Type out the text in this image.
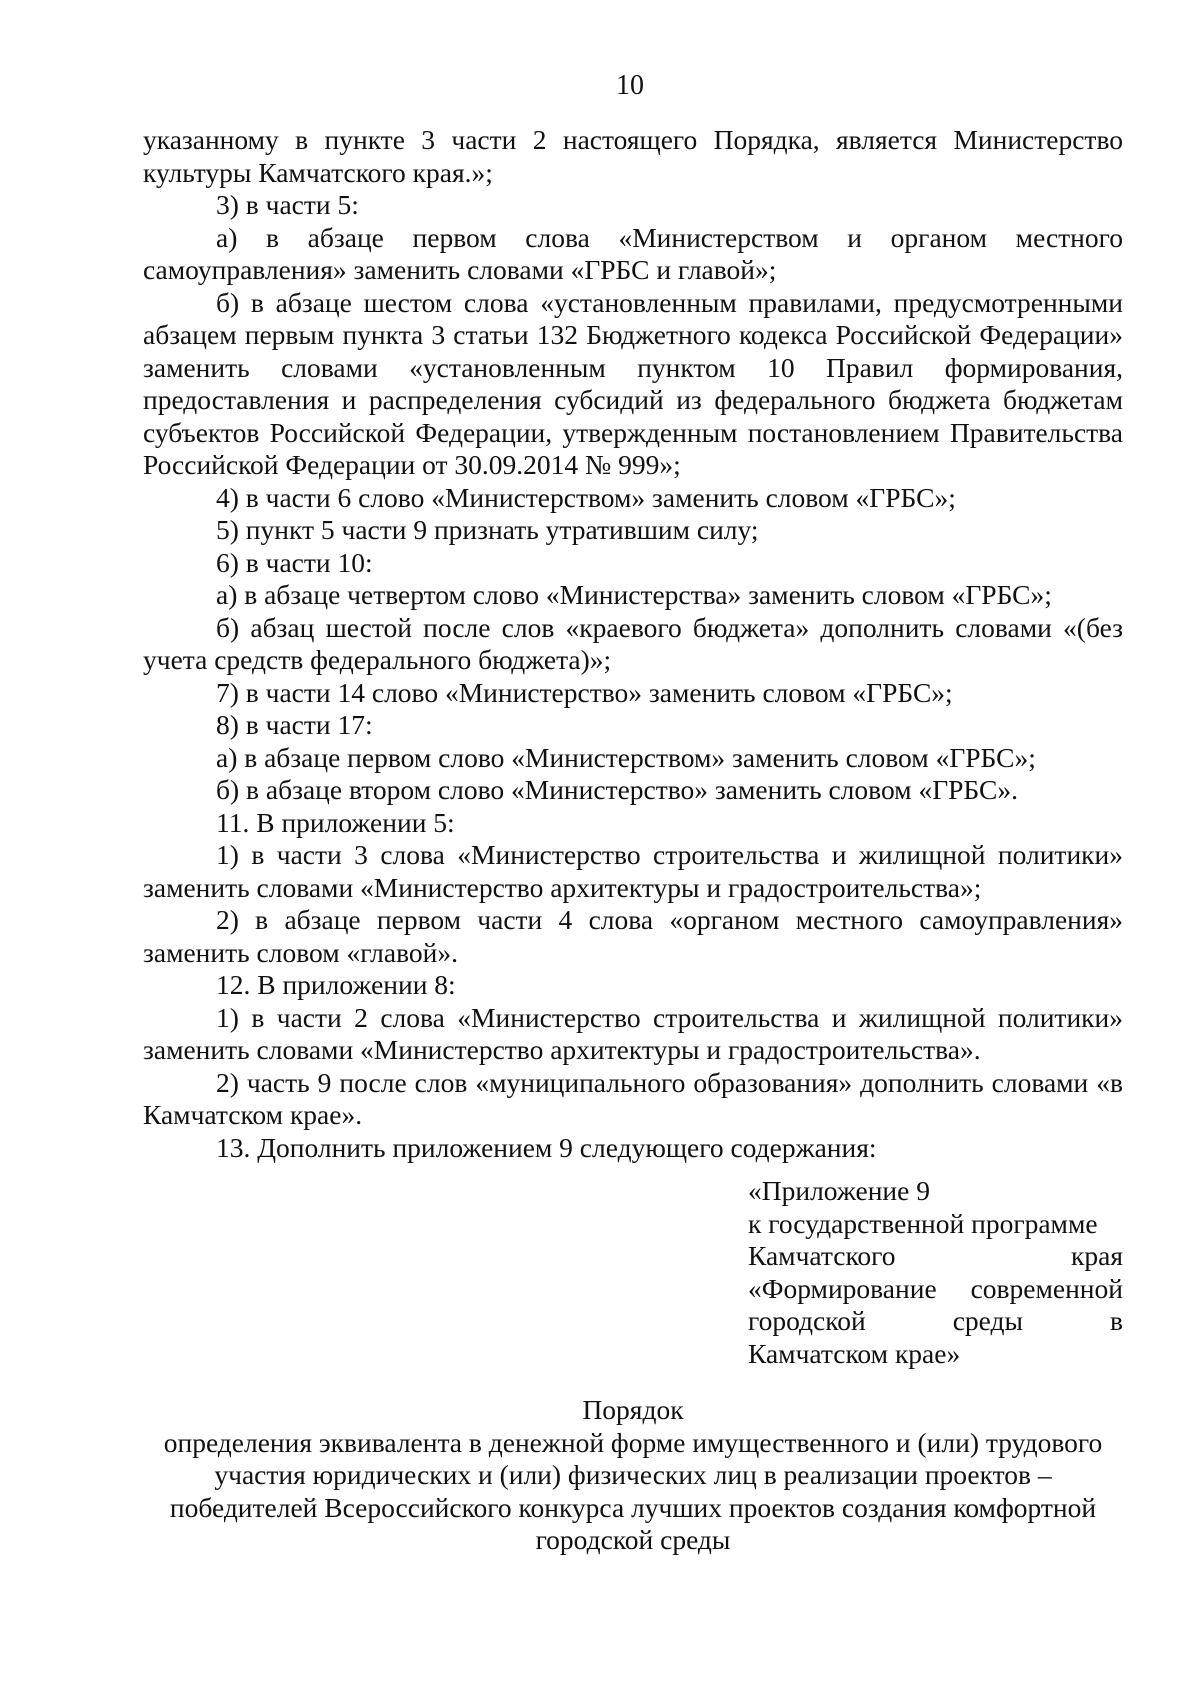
10

указанному в пункте 3 части 2 настоящего Порядка, является Министерство культуры Камчатского края.»;

3) в части 5:

а) в абзаце первом слова «Министерством и органом местного самоуправления» заменить словами «ГРБС и главой»;

б) в абзаце шестом слова «установленным правилами, предусмотренными абзацем первым пункта 3 статьи 132 Бюджетного кодекса Российской Федерации» заменить словами «установленным пунктом 10 Правил формирования, предоставления и распределения субсидий из федерального бюджета бюджетам субъектов Российской Федерации, утвержденным постановлением Правительства Российской Федерации от 30.09.2014 № 999»;

4) в части 6 слово «Министерством» заменить словом «ГРБС»;

5) пункт 5 части 9 признать утратившим силу;

6) в части 10:

а) в абзаце четвертом слово «Министерства» заменить словом «ГРБС»;

б) абзац шестой после слов «краевого бюджета» дополнить словами «(без учета средств федерального бюджета)»;

7) в части 14 слово «Министерство» заменить словом «ГРБС»;

8) в части 17:

а) в абзаце первом слово «Министерством» заменить словом «ГРБС»;

б) в абзаце втором слово «Министерство» заменить словом «ГРБС».

11. В приложении 5:

1) в части 3 слова «Министерство строительства и жилищной политики» заменить словами «Министерство архитектуры и градостроительства»;

2) в абзаце первом части 4 слова «органом местного самоуправления» заменить словом «главой».

12. В приложении 8:

1) в части 2 слова «Министерство строительства и жилищной политики» заменить словами «Министерство архитектуры и градостроительства».

2) часть 9 после слов «муниципального образования» дополнить словами «в Камчатском крае».

13. Дополнить приложением 9 следующего содержания:

«Приложение 9
к государственной программе
Камчатского края
«Формирование современной
городской среды в
Камчатском крае»

Порядок

определения эквивалента в денежной форме имущественного и (или) трудового

участия юридических и (или) физических лиц в реализации проектов –

победителей Всероссийского конкурса лучших проектов создания комфортной

городской среды
